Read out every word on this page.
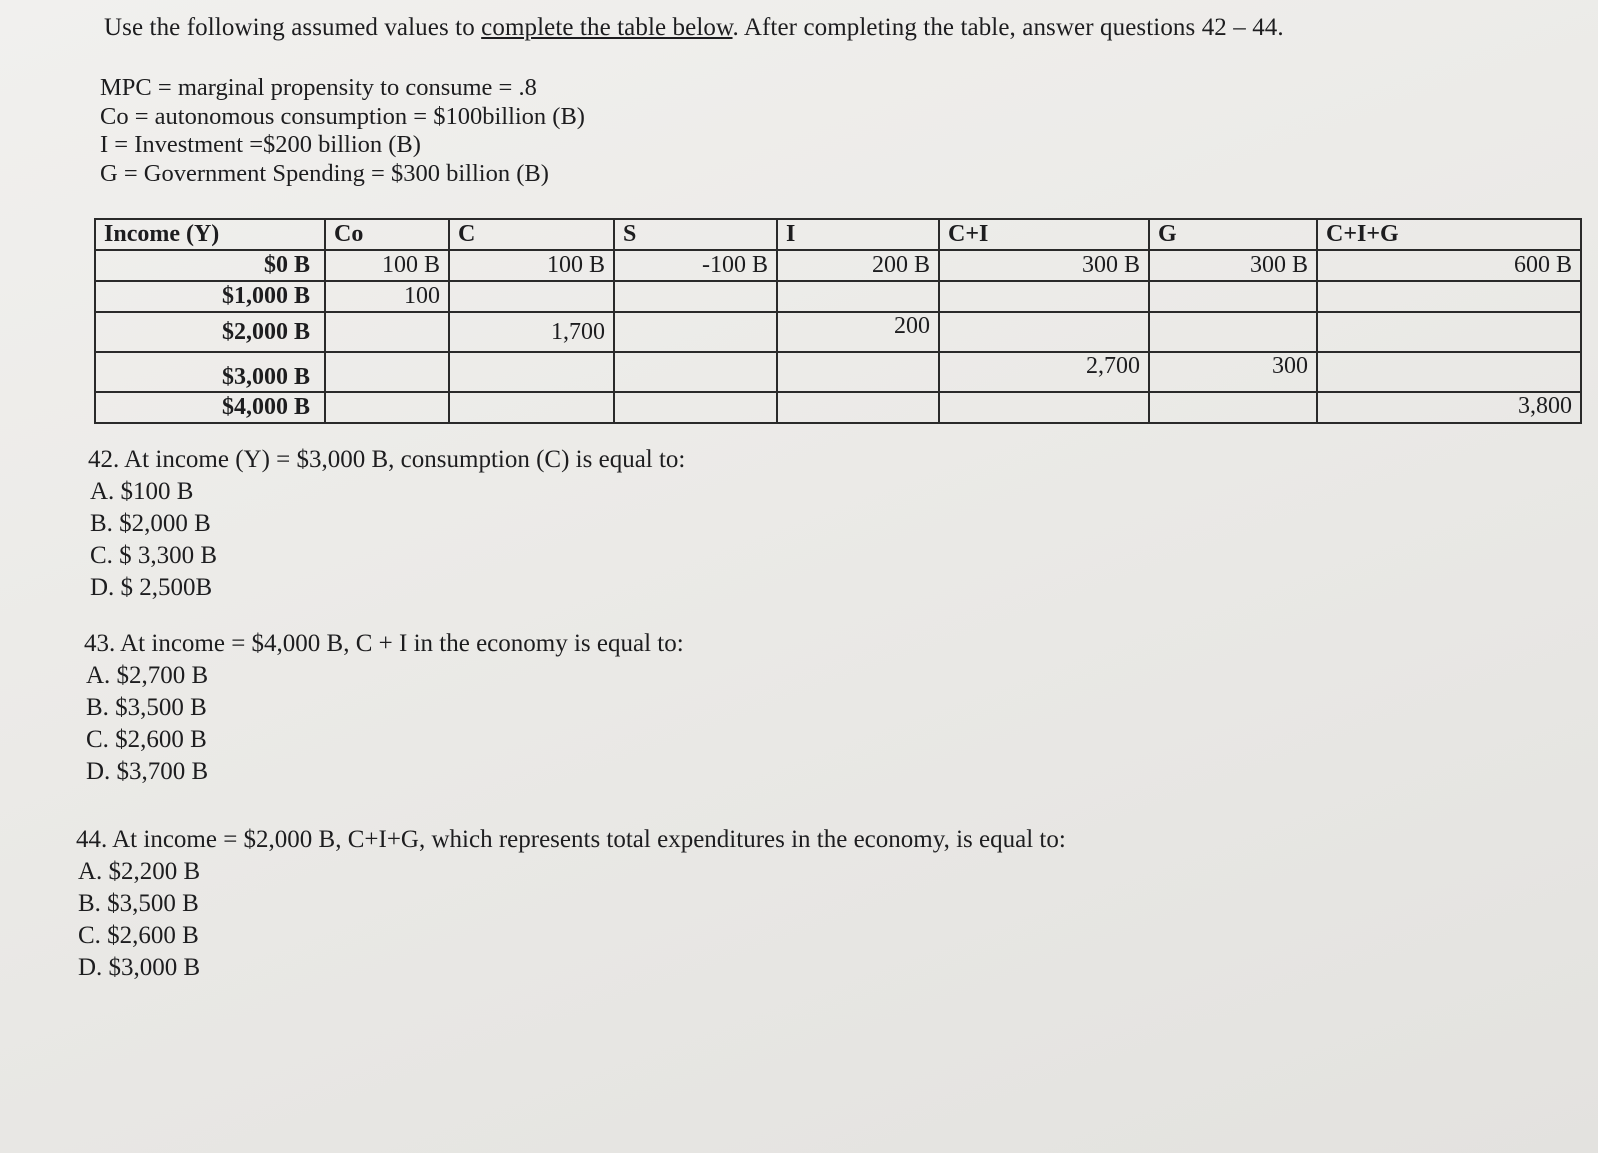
Use the following assumed values to complete the table below. After completing the table, answer questions 42 – 44.
MPC = marginal propensity to consume = .8
Co = autonomous consumption = $100billion (B)
I = Investment =$200 billion (B)
G = Government Spending = $300 billion (B)
Income (Y)	Co	C	S	I	C+I	G	C+I+G
$0 B	100 B	100 B	-100 B	200 B	300 B	300 B	600 B
$1,000 B	100						
$2,000 B		1,700		200			
$3,000 B					2,700	300	
$4,000 B							3,800
42. At income (Y) = $3,000 B, consumption (C) is equal to:
A. $100 B
B. $2,000 B
C. $ 3,300 B
D. $ 2,500B
43. At income = $4,000 B, C + I in the economy is equal to:
A. $2,700 B
B. $3,500 B
C. $2,600 B
D. $3,700 B
44. At income = $2,000 B, C+I+G, which represents total expenditures in the economy, is equal to:
A. $2,200 B
B. $3,500 B
C. $2,600 B
D. $3,000 B
